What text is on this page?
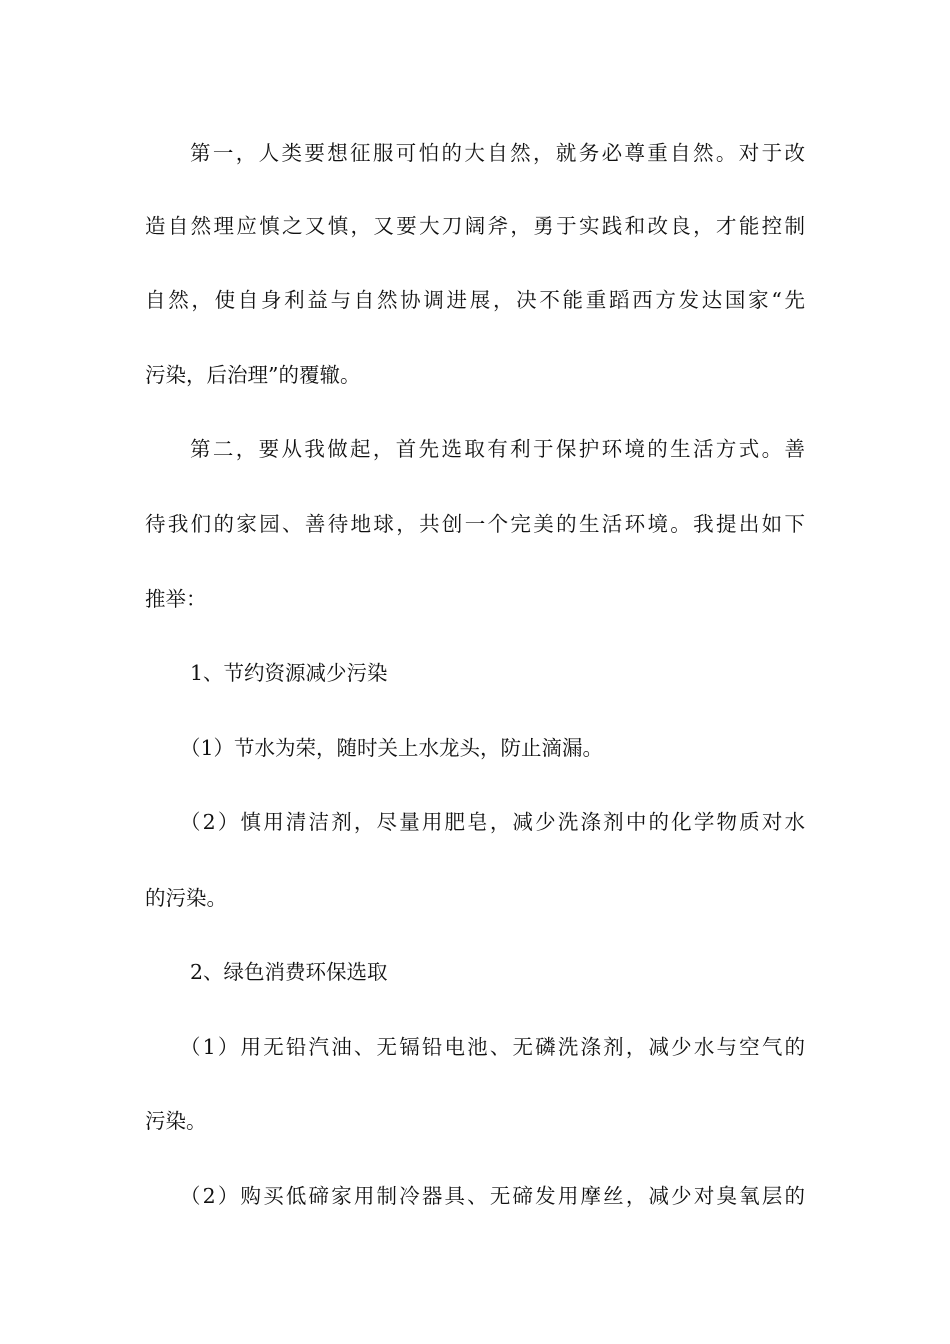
第一，人类要想征服可怕的大自然，就务必尊重自然。对于改
造自然理应慎之又慎，又要大刀阔斧，勇于实践和改良，才能控制
自然，使自身利益与自然协调进展，决不能重蹈西方发达国家“先
污染，后治理”的覆辙。
第二，要从我做起，首先选取有利于保护环境的生活方式。善
待我们的家园、善待地球，共创一个完美的生活环境。我提出如下
推举：
1、节约资源减少污染
（1）节水为荣，随时关上水龙头，防止滴漏。
（2）慎用清洁剂，尽量用肥皂，减少洗涤剂中的化学物质对水
的污染。
2、绿色消费环保选取
（1）用无铅汽油、无镉铅电池、无磷洗涤剂，减少水与空气的
污染。
（2）购买低碲家用制冷器具、无碲发用摩丝，减少对臭氧层的
